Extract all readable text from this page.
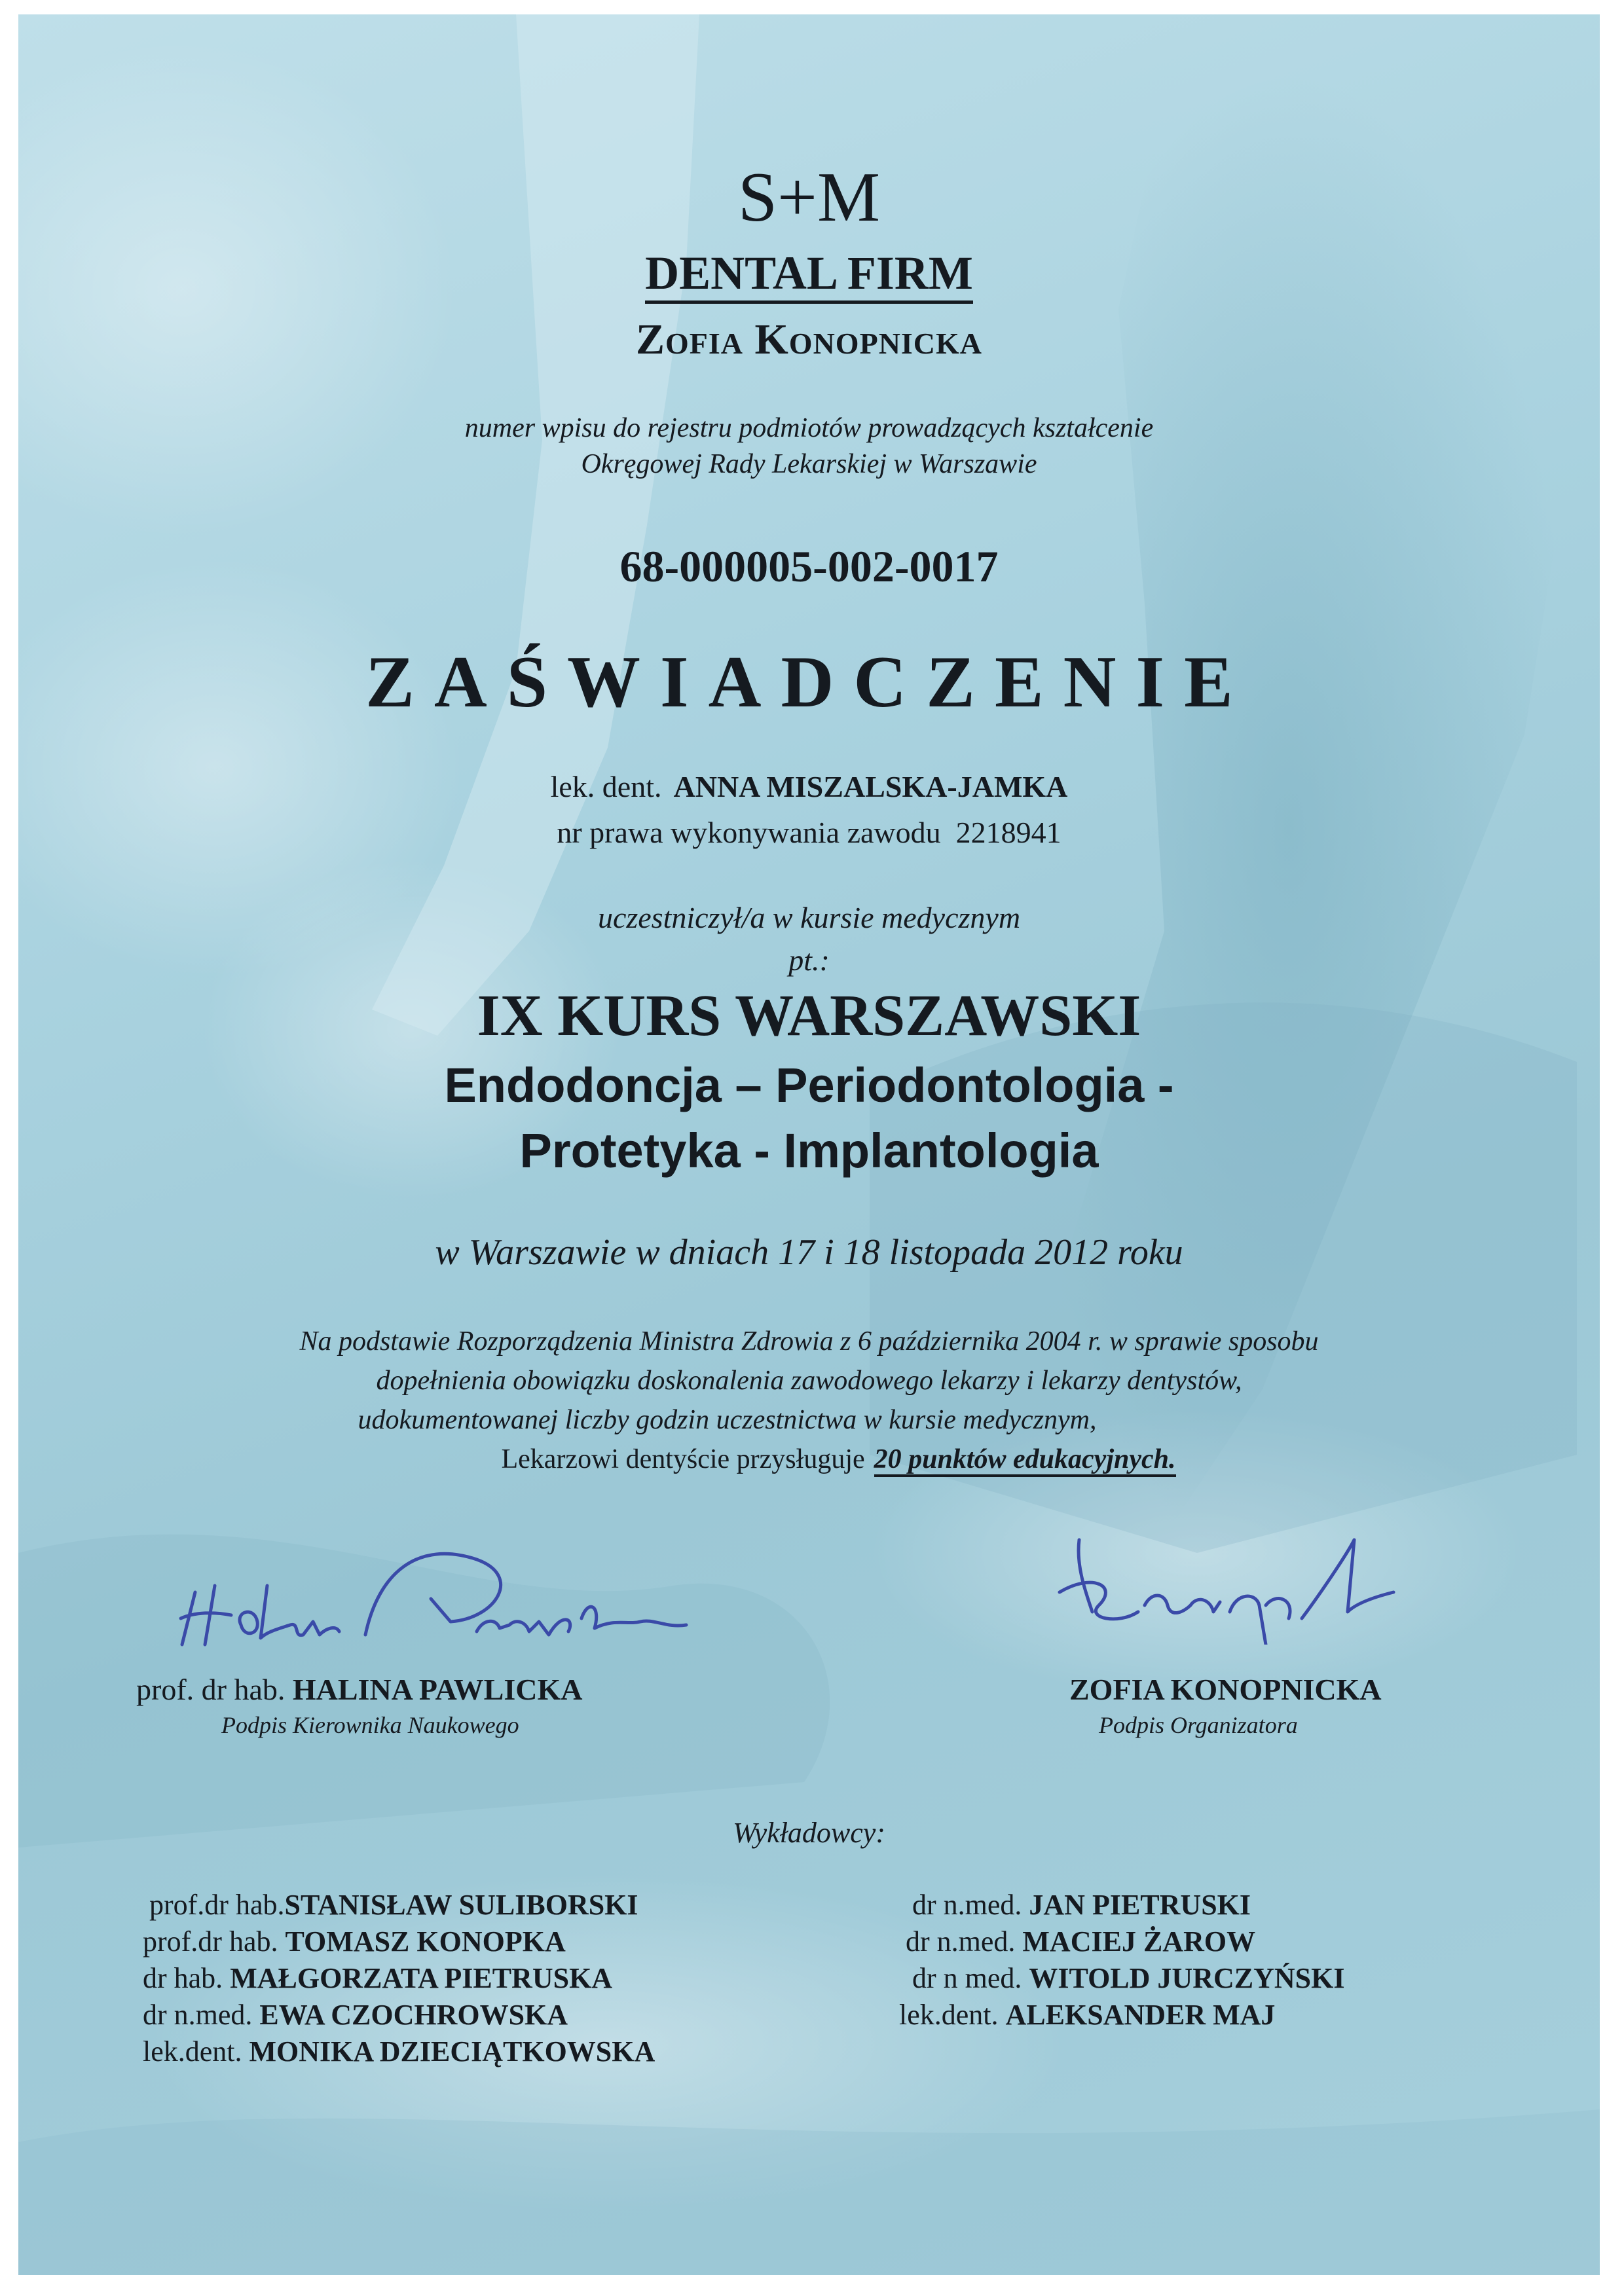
S+M
DENTAL FIRM
Zofia Konopnicka
numer wpisu do rejestru podmiotów prowadzących kształcenie
Okręgowej Rady Lekarskiej w Warszawie
68-000005-002-0017
ZAŚWIADCZENIE
lek. dent. ANNA MISZALSKA-JAMKA
nr prawa wykonywania zawodu 2218941
uczestniczył/a w kursie medycznym
pt.:
IX KURS WARSZAWSKI
Endodoncja – Periodontologia -
Protetyka - Implantologia
w Warszawie w dniach 17 i 18 listopada 2012 roku
Na podstawie Rozporządzenia Ministra Zdrowia z 6 października 2004 r. w sprawie sposobu
dopełnienia obowiązku doskonalenia zawodowego lekarzy i lekarzy dentystów,
udokumentowanej liczby godzin uczestnictwa w kursie medycznym,
Lekarzowi dentyście przysługuje 20 punktów edukacyjnych.
prof. dr hab. HALINA PAWLICKA
Podpis Kierownika Naukowego
ZOFIA KONOPNICKA
Podpis Organizatora
Wykładowcy:
prof.dr hab.STANISŁAW SULIBORSKI
prof.dr hab. TOMASZ KONOPKA
dr hab. MAŁGORZATA PIETRUSKA
dr n.med. EWA CZOCHROWSKA
lek.dent. MONIKA DZIECIĄTKOWSKA
dr n.med. JAN PIETRUSKI
dr n.med. MACIEJ ŻAROW
dr n med. WITOLD JURCZYŃSKI
lek.dent. ALEKSANDER MAJ
